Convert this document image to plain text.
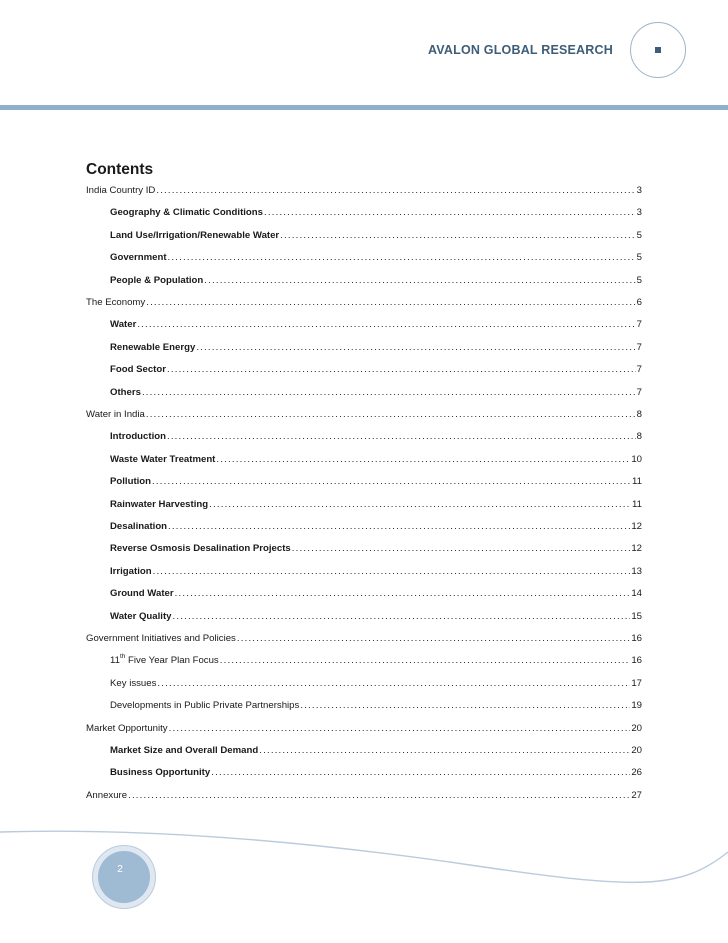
AVALON GLOBAL RESEARCH
Contents
India Country ID .....	3
Geography & Climatic Conditions .....	3
Land Use/Irrigation/Renewable Water .....	5
Government .....	5
People & Population .....	5
The Economy .....	6
Water .....	7
Renewable Energy .....	7
Food Sector .....	7
Others .....	7
Water in India .....	8
Introduction .....	8
Waste Water Treatment .....	10
Pollution .....	11
Rainwater Harvesting .....	11
Desalination .....	12
Reverse Osmosis Desalination Projects .....	12
Irrigation .....	13
Ground Water .....	14
Water Quality .....	15
Government Initiatives and Policies .....	16
11th Five Year Plan Focus .....	16
Key issues .....	17
Developments in Public Private Partnerships .....	19
Market Opportunity .....	20
Market Size and Overall Demand .....	20
Business Opportunity .....	26
Annexure .....	27
2
